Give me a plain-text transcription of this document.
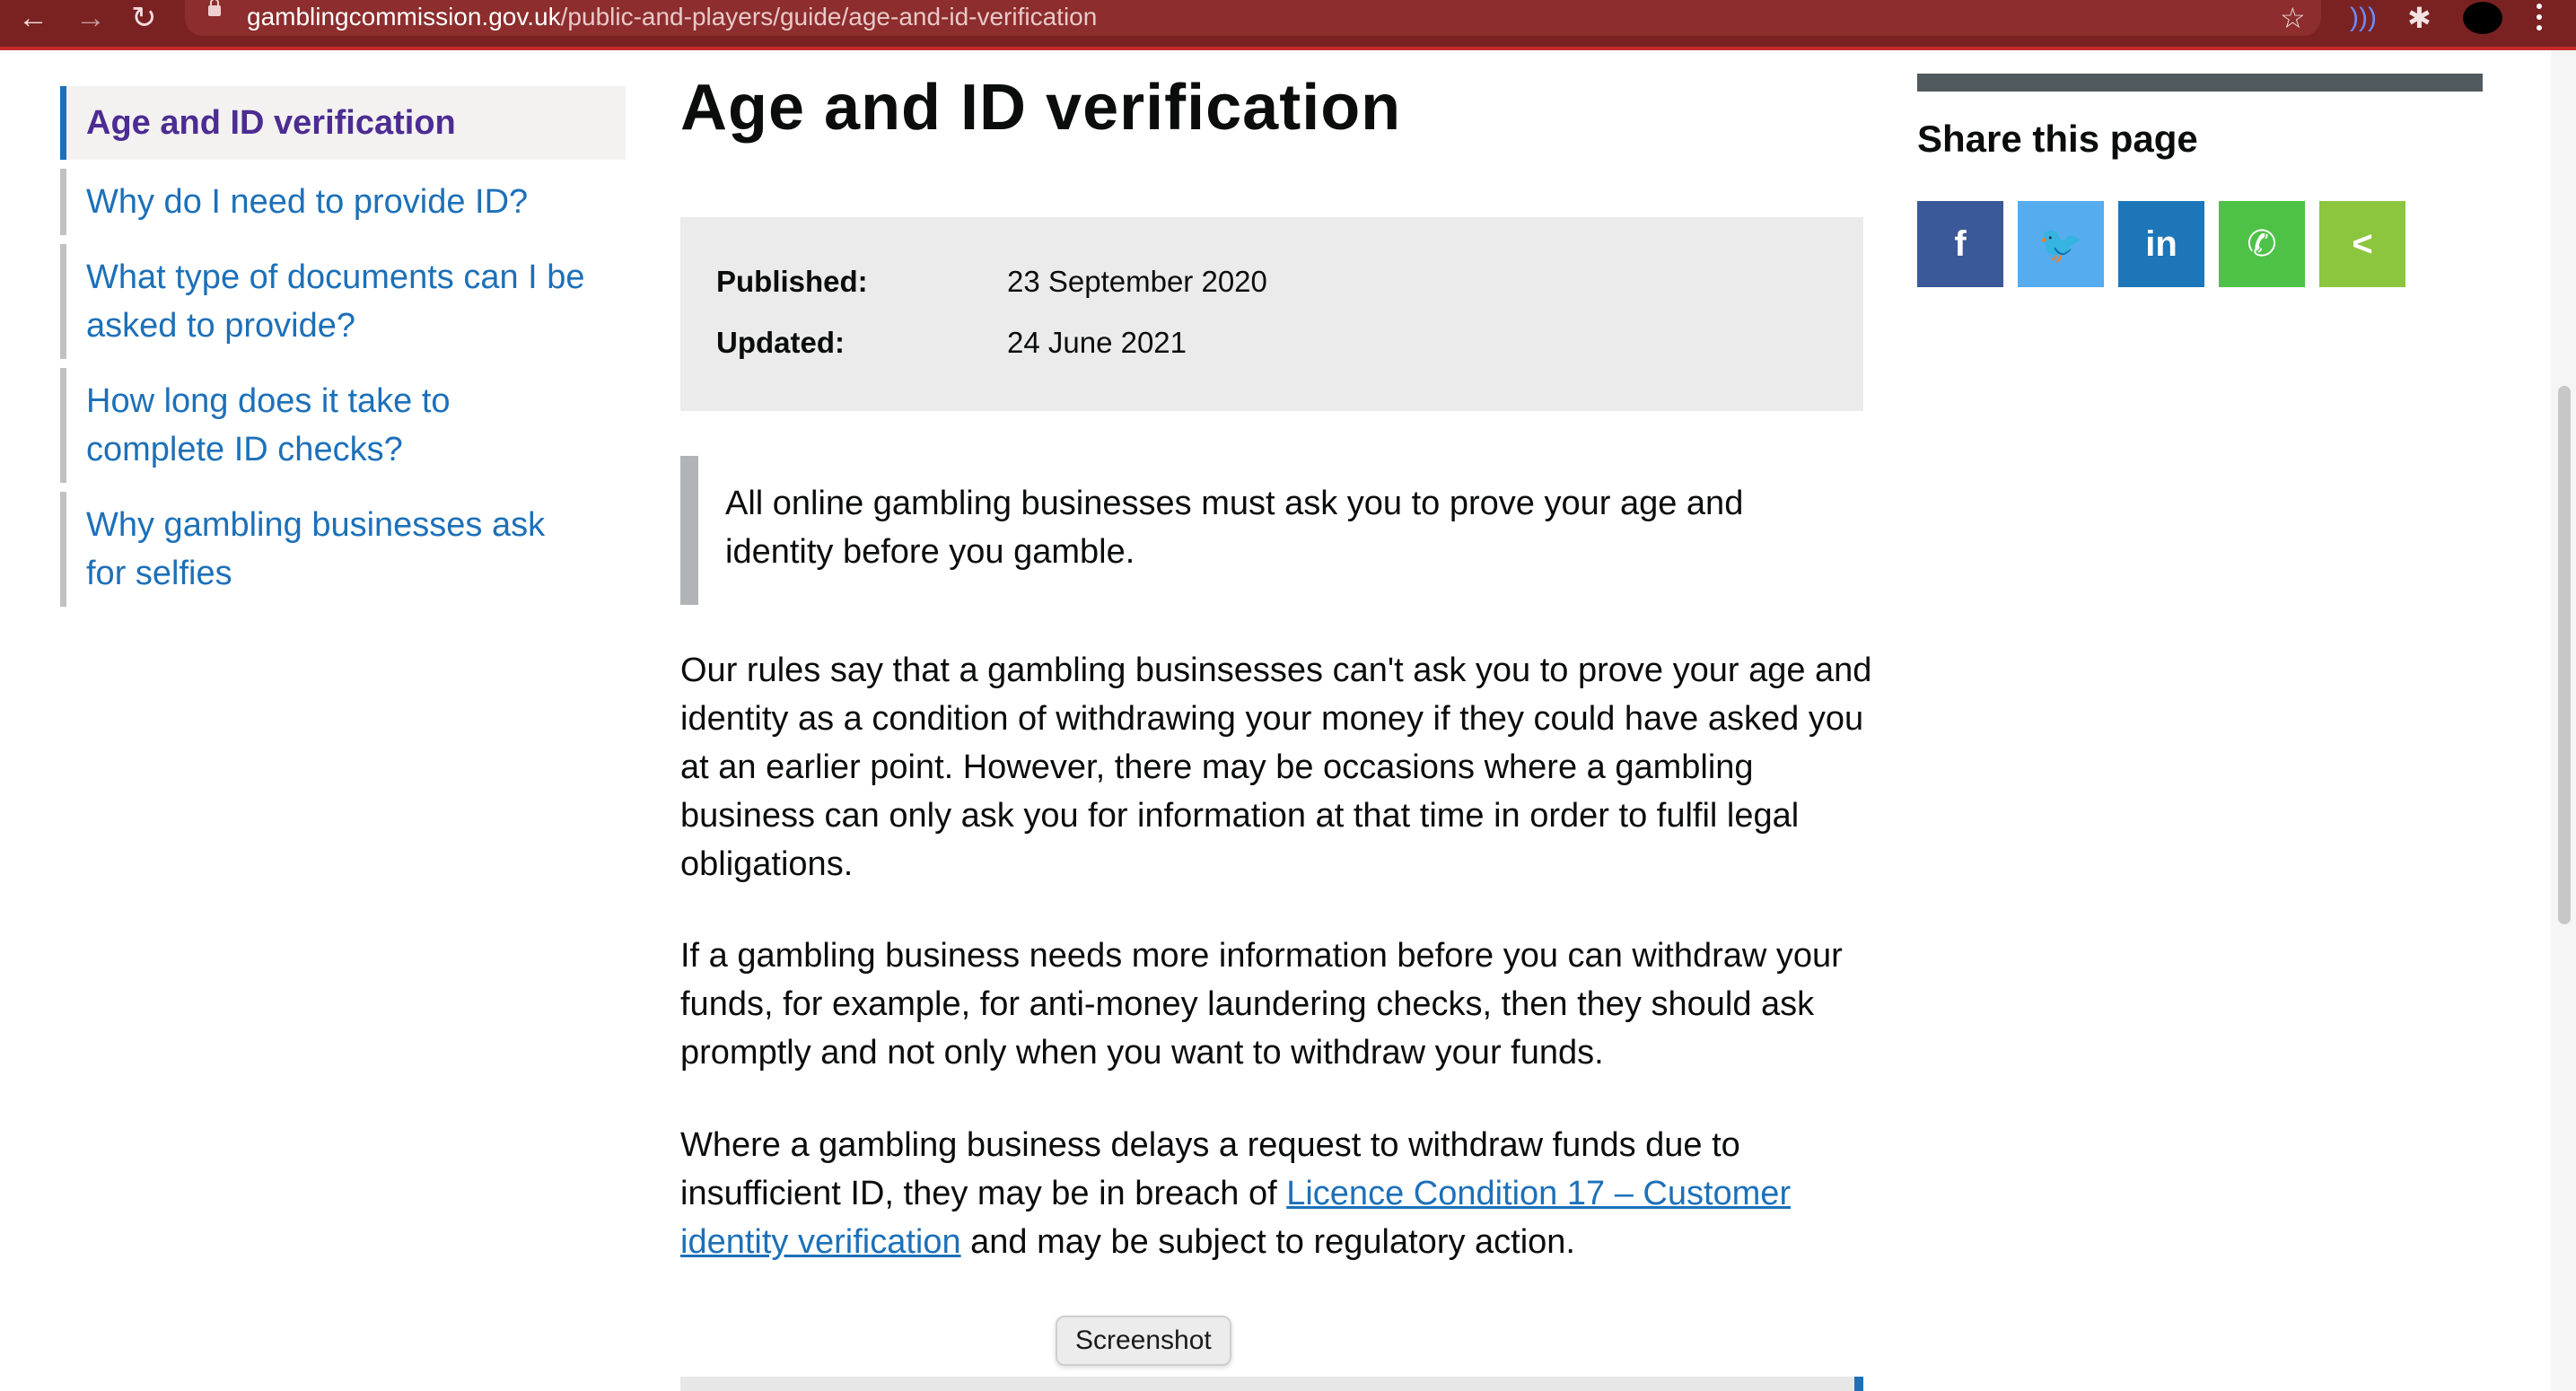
← → ↻	gamblingcommission.gov.uk/public-and-players/guide/age-and-id-verification	☆ ))) ✱
Age and ID verification
Why do I need to provide ID?
What type of documents can I be asked to provide?
How long does it take to complete ID checks?
Why gambling businesses ask for selfies
Age and ID verification
Published:	23 September 2020
Updated:	24 June 2021

All online gambling businesses must ask you to prove your age and identity before you gamble.

Our rules say that a gambling businsesses can't ask you to prove your age and identity as a condition of withdrawing your money if they could have asked you at an earlier point. However, there may be occasions where a gambling business can only ask you for information at that time in order to fulfil legal obligations.

If a gambling business needs more information before you can withdraw your funds, for example, for anti-money laundering checks, then they should ask promptly and not only when you want to withdraw your funds.

Where a gambling business delays a request to withdraw funds due to insufficient ID, they may be in breach of Licence Condition 17 – Customer identity verification and may be subject to regulatory action.

Share this page
f 🐦 in ✆ <
Screenshot
